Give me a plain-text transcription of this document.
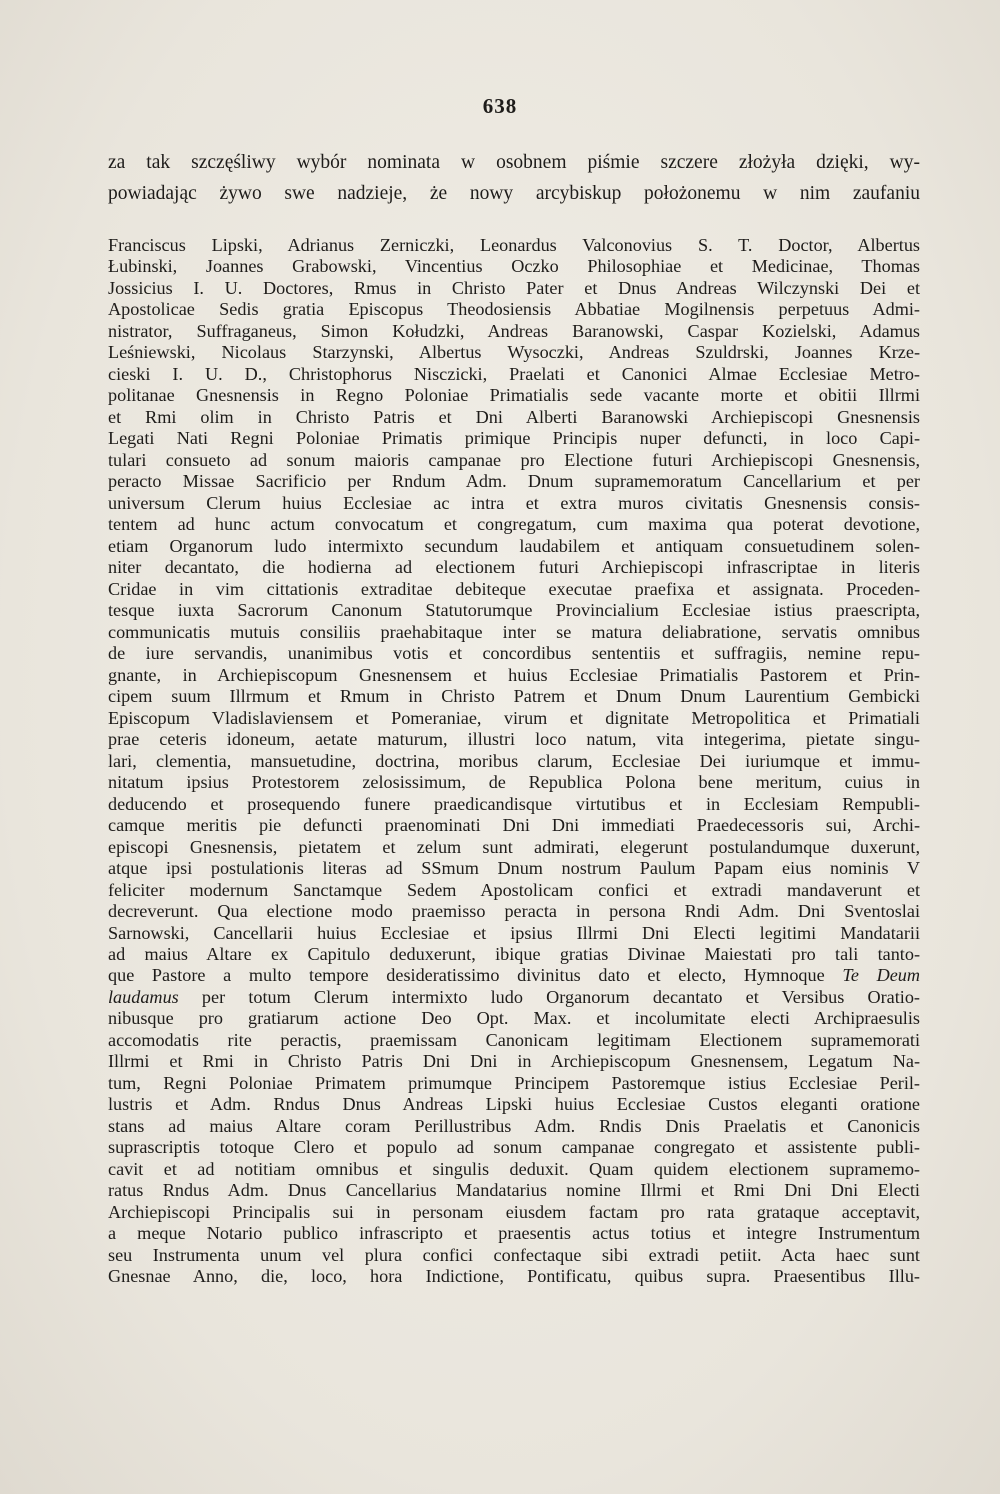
638
za tak szczęśliwy wybór nominata w osobnem piśmie szczere złożyła dzięki, wy-
powiadając żywo swe nadzieje, że nowy arcybiskup położonemu w nim zaufaniu
Franciscus Lipski, Adrianus Zerniczki, Leonardus Valconovius S. T. Doctor, Albertus
Łubinski, Joannes Grabowski, Vincentius Oczko Philosophiae et Medicinae, Thomas
Jossicius I. U. Doctores, Rmus in Christo Pater et Dnus Andreas Wilczynski Dei et
Apostolicae Sedis gratia Episcopus Theodosiensis Abbatiae Mogilnensis perpetuus Admi-
nistrator, Suffraganeus, Simon Kołudzki, Andreas Baranowski, Caspar Kozielski, Adamus
Leśniewski, Nicolaus Starzynski, Albertus Wysoczki, Andreas Szuldrski, Joannes Krze-
cieski I. U. D., Christophorus Nisczicki, Praelati et Canonici Almae Ecclesiae Metro-
politanae Gnesnensis in Regno Poloniae Primatialis sede vacante morte et obitii Illrmi
et Rmi olim in Christo Patris et Dni Alberti Baranowski Archiepiscopi Gnesnensis
Legati Nati Regni Poloniae Primatis primique Principis nuper defuncti, in loco Capi-
tulari consueto ad sonum maioris campanae pro Electione futuri Archiepiscopi Gnesnensis,
peracto Missae Sacrificio per Rndum Adm. Dnum supramemoratum Cancellarium et per
universum Clerum huius Ecclesiae ac intra et extra muros civitatis Gnesnensis consis-
tentem ad hunc actum convocatum et congregatum, cum maxima qua poterat devotione,
etiam Organorum ludo intermixto secundum laudabilem et antiquam consuetudinem solen-
niter decantato, die hodierna ad electionem futuri Archiepiscopi infrascriptae in literis
Cridae in vim cittationis extraditae debiteque executae praefixa et assignata. Proceden-
tesque iuxta Sacrorum Canonum Statutorumque Provincialium Ecclesiae istius praescripta,
communicatis mutuis consiliis praehabitaque inter se matura deliabratione, servatis omnibus
de iure servandis, unanimibus votis et concordibus sententiis et suffragiis, nemine repu-
gnante, in Archiepiscopum Gnesnensem et huius Ecclesiae Primatialis Pastorem et Prin-
cipem suum Illrmum et Rmum in Christo Patrem et Dnum Dnum Laurentium Gembicki
Episcopum Vladislaviensem et Pomeraniae, virum et dignitate Metropolitica et Primatiali
prae ceteris idoneum, aetate maturum, illustri loco natum, vita integerima, pietate singu-
lari, clementia, mansuetudine, doctrina, moribus clarum, Ecclesiae Dei iuriumque et immu-
nitatum ipsius Protestorem zelosissimum, de Republica Polona bene meritum, cuius in
deducendo et prosequendo funere praedicandisque virtutibus et in Ecclesiam Rempubli-
camque meritis pie defuncti praenominati Dni Dni immediati Praedecessoris sui, Archi-
episcopi Gnesnensis, pietatem et zelum sunt admirati, elegerunt postulandumque duxerunt,
atque ipsi postulationis literas ad SSmum Dnum nostrum Paulum Papam eius nominis V
feliciter modernum Sanctamque Sedem Apostolicam confici et extradi mandaverunt et
decreverunt. Qua electione modo praemisso peracta in persona Rndi Adm. Dni Sventoslai
Sarnowski, Cancellarii huius Ecclesiae et ipsius Illrmi Dni Electi legitimi Mandatarii
ad maius Altare ex Capitulo deduxerunt, ibique gratias Divinae Maiestati pro tali tanto-
que Pastore a multo tempore desideratissimo divinitus dato et electo, Hymnoque Te Deum
laudamus per totum Clerum intermixto ludo Organorum decantato et Versibus Oratio-
nibusque pro gratiarum actione Deo Opt. Max. et incolumitate electi Archipraesulis
accomodatis rite peractis, praemissam Canonicam legitimam Electionem supramemorati
Illrmi et Rmi in Christo Patris Dni Dni in Archiepiscopum Gnesnensem, Legatum Na-
tum, Regni Poloniae Primatem primumque Principem Pastoremque istius Ecclesiae Peril-
lustris et Adm. Rndus Dnus Andreas Lipski huius Ecclesiae Custos eleganti oratione
stans ad maius Altare coram Perillustribus Adm. Rndis Dnis Praelatis et Canonicis
suprascriptis totoque Clero et populo ad sonum campanae congregato et assistente publi-
cavit et ad notitiam omnibus et singulis deduxit. Quam quidem electionem supramemo-
ratus Rndus Adm. Dnus Cancellarius Mandatarius nomine Illrmi et Rmi Dni Dni Electi
Archiepiscopi Principalis sui in personam eiusdem factam pro rata grataque acceptavit,
a meque Notario publico infrascripto et praesentis actus totius et integre Instrumentum
seu Instrumenta unum vel plura confici confectaque sibi extradi petiit. Acta haec sunt
Gnesnae Anno, die, loco, hora Indictione, Pontificatu, quibus supra. Praesentibus Illu-
